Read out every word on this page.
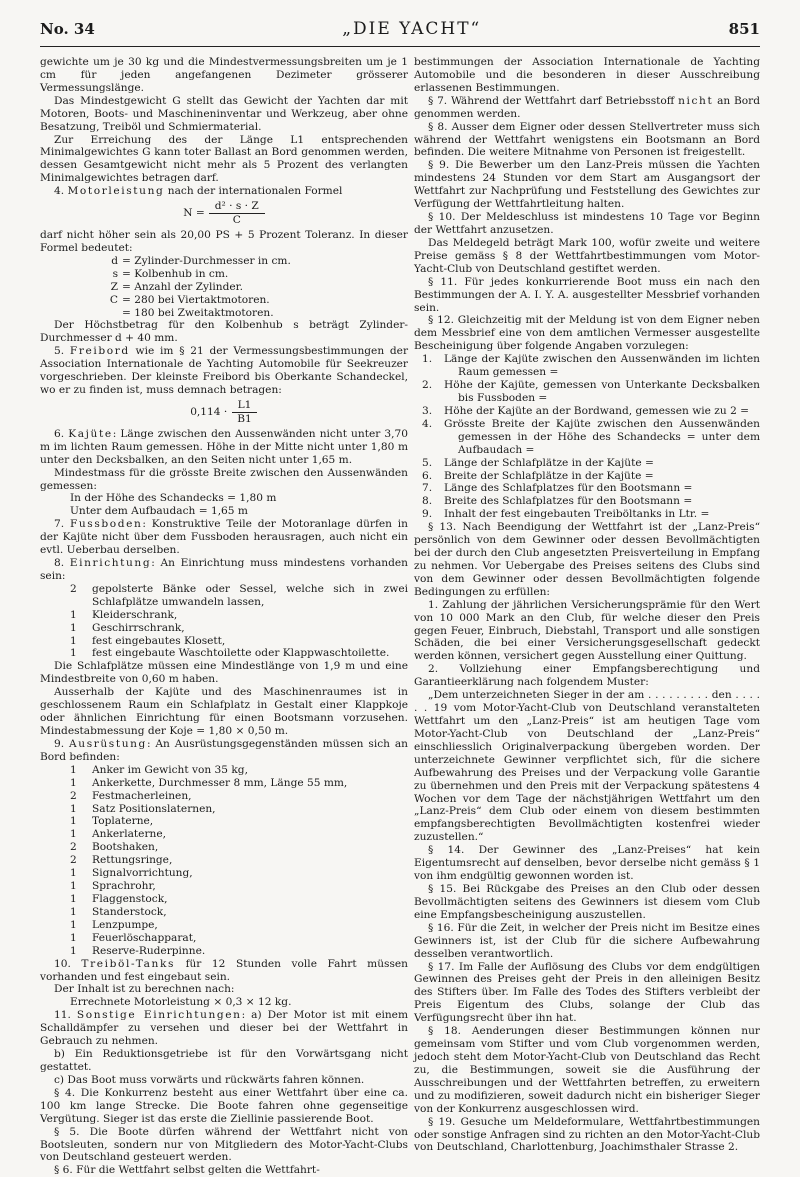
No. 34	„DIE YACHT“	851

gewichte um je 30 kg und die Mindestvermessungsbreiten um je 1 cm für jeden angefangenen Dezimeter grösserer Vermessungslänge.

Das Mindestgewicht G stellt das Gewicht der Yachten dar mit Motoren, Boots- und Maschineninventar und Werkzeug, aber ohne Besatzung, Treiböl und Schmiermaterial.

Zur Erreichung des der Länge L1 entsprechenden Minimalgewichtes G kann toter Ballast an Bord genommen werden, dessen Gesamtgewicht nicht mehr als 5 Prozent des verlangten Minimalgewichtes betragen darf.

4. Motorleistung nach der internationalen Formel

$N = \frac{\text{d² · s · Z}}{C}$

darf nicht höher sein als 20,00 PS + 5 Prozent Toleranz. In dieser Formel bedeutet:

d = Zylinder-Durchmesser in cm.
s = Kolbenhub in cm.
Z = Anzahl der Zylinder.
C = 280 bei Viertaktmotoren.
= 180 bei Zweitaktmotoren.

Der Höchstbetrag für den Kolbenhub s beträgt Zylinder-Durchmesser d + 40 mm.

5. Freibord wie im § 21 der Vermessungsbestimmungen der Association Internationale de Yachting Automobile für Seekreuzer vorgeschrieben. Der kleinste Freibord bis Oberkante Schandeckel, wo er zu finden ist, muss demnach betragen:

$0,114 \cdot \frac{L1}{B1}$

6. Kajüte: Länge zwischen den Aussenwänden nicht unter 3,70 m im lichten Raum gemessen. Höhe in der Mitte nicht unter 1,80 m unter den Decksbalken, an den Seiten nicht unter 1,65 m.

Mindestmass für die grösste Breite zwischen den Aussenwänden gemessen:

In der Höhe des Schandecks = 1,80 m

Unter dem Aufbaudach = 1,65 m

7. Fussboden: Konstruktive Teile der Motoranlage dürfen in der Kajüte nicht über dem Fussboden herausragen, auch nicht ein evtl. Ueberbau derselben.

8. Einrichtung: An Einrichtung muss mindestens vorhanden sein:

2	gepolsterte Bänke oder Sessel, welche sich in zwei Schlafplätze umwandeln lassen,
1	Kleiderschrank,
1	Geschirrschrank,
1	fest eingebautes Klosett,
1	fest eingebaute Waschtoilette oder Klappwaschtoilette.

Die Schlafplätze müssen eine Mindestlänge von 1,9 m und eine Mindestbreite von 0,60 m haben.

Ausserhalb der Kajüte und des Maschinenraumes ist in geschlossenem Raum ein Schlafplatz in Gestalt einer Klappkoje oder ähnlichen Einrichtung für einen Bootsmann vorzusehen. Mindestabmessung der Koje = 1,80 × 0,50 m.

9. Ausrüstung: An Ausrüstungsgegenständen müssen sich an Bord befinden:

1	Anker im Gewicht von 35 kg,
1	Ankerkette, Durchmesser 8 mm, Länge 55 mm,
2	Festmacherleinen,
1	Satz Positionslaternen,
1	Toplaterne,
1	Ankerlaterne,
2	Bootshaken,
2	Rettungsringe,
1	Signalvorrichtung,
1	Sprachrohr,
1	Flaggenstock,
1	Standerstock,
1	Lenzpumpe,
1	Feuerlöschapparat,
1	Reserve-Ruderpinne.

10. Treiböl-Tanks für 12 Stunden volle Fahrt müssen vorhanden und fest eingebaut sein.

Der Inhalt ist zu berechnen nach:

Errechnete Motorleistung × 0,3 × 12 kg.

11. Sonstige Einrichtungen: a) Der Motor ist mit einem Schalldämpfer zu versehen und dieser bei der Wettfahrt in Gebrauch zu nehmen.

b) Ein Reduktionsgetriebe ist für den Vorwärtsgang nicht gestattet.

c) Das Boot muss vorwärts und rückwärts fahren können.

§ 4. Die Konkurrenz besteht aus einer Wettfahrt über eine ca. 100 km lange Strecke. Die Boote fahren ohne gegenseitige Vergütung. Sieger ist das erste die Ziellinie passierende Boot.

§ 5. Die Boote dürfen während der Wettfahrt nicht von Bootsleuten, sondern nur von Mitgliedern des Motor-Yacht-Clubs von Deutschland gesteuert werden.

§ 6. Für die Wettfahrt selbst gelten die Wettfahrt-

bestimmungen der Association Internationale de Yachting Automobile und die besonderen in dieser Ausschreibung erlassenen Bestimmungen.

§ 7. Während der Wettfahrt darf Betriebsstoff nicht an Bord genommen werden.

§ 8. Ausser dem Eigner oder dessen Stellvertreter muss sich während der Wettfahrt wenigstens ein Bootsmann an Bord befinden. Die weitere Mitnahme von Personen ist freigestellt.

§ 9. Die Bewerber um den Lanz-Preis müssen die Yachten mindestens 24 Stunden vor dem Start am Ausgangsort der Wettfahrt zur Nachprüfung und Feststellung des Gewichtes zur Verfügung der Wettfahrtleitung halten.

§ 10. Der Meldeschluss ist mindestens 10 Tage vor Beginn der Wettfahrt anzusetzen.

Das Meldegeld beträgt Mark 100, wofür zweite und weitere Preise gemäss § 8 der Wettfahrtbestimmungen vom Motor-Yacht-Club von Deutschland gestiftet werden.

§ 11. Für jedes konkurrierende Boot muss ein nach den Bestimmungen der A. I. Y. A. ausgestellter Messbrief vorhanden sein.

§ 12. Gleichzeitig mit der Meldung ist von dem Eigner neben dem Messbrief eine von dem amtlichen Vermesser ausgestellte Bescheinigung über folgende Angaben vorzulegen:

1.	Länge der Kajüte zwischen den Aussenwänden im lichten Raum gemessen =
2.	Höhe der Kajüte, gemessen von Unterkante Decksbalken bis Fussboden =
3.	Höhe der Kajüte an der Bordwand, gemessen wie zu 2 =
4.	Grösste Breite der Kajüte zwischen den Aussenwänden gemessen in der Höhe des Schandecks = unter dem Aufbaudach =
5.	Länge der Schlafplätze in der Kajüte =
6.	Breite der Schlafplätze in der Kajüte =
7.	Länge des Schlafplatzes für den Bootsmann =
8.	Breite des Schlafplatzes für den Bootsmann =
9.	Inhalt der fest eingebauten Treiböltanks in Ltr. =

§ 13. Nach Beendigung der Wettfahrt ist der „Lanz-Preis“ persönlich von dem Gewinner oder dessen Bevollmächtigten bei der durch den Club angesetzten Preisverteilung in Empfang zu nehmen. Vor Uebergabe des Preises seitens des Clubs sind von dem Gewinner oder dessen Bevollmächtigten folgende Bedingungen zu erfüllen:

1. Zahlung der jährlichen Versicherungsprämie für den Wert von 10 000 Mark an den Club, für welche dieser den Preis gegen Feuer, Einbruch, Diebstahl, Transport und alle sonstigen Schäden, die bei einer Versicherungsgesellschaft gedeckt werden können, versichert gegen Ausstellung einer Quittung.

2. Vollziehung einer Empfangsberechtigung und Garantieerklärung nach folgendem Muster:

„Dem unterzeichneten Sieger in der am . . . . . . . . . den . . . . . . 19 vom Motor-Yacht-Club von Deutschland veranstalteten Wettfahrt um den „Lanz-Preis“ ist am heutigen Tage vom Motor-Yacht-Club von Deutschland der „Lanz-Preis“ einschliesslich Originalverpackung übergeben worden. Der unterzeichnete Gewinner verpflichtet sich, für die sichere Aufbewahrung des Preises und der Verpackung volle Garantie zu übernehmen und den Preis mit der Verpackung spätestens 4 Wochen vor dem Tage der nächstjährigen Wettfahrt um den „Lanz-Preis“ dem Club oder einem von diesem bestimmten empfangsberechtigten Bevollmächtigten kostenfrei wieder zuzustellen.“

§ 14. Der Gewinner des „Lanz-Preises“ hat kein Eigentumsrecht auf denselben, bevor derselbe nicht gemäss § 1 von ihm endgültig gewonnen worden ist.

§ 15. Bei Rückgabe des Preises an den Club oder dessen Bevollmächtigten seitens des Gewinners ist diesem vom Club eine Empfangsbescheinigung auszustellen.

§ 16. Für die Zeit, in welcher der Preis nicht im Besitze eines Gewinners ist, ist der Club für die sichere Aufbewahrung desselben verantwortlich.

§ 17. Im Falle der Auflösung des Clubs vor dem endgültigen Gewinnen des Preises geht der Preis in den alleinigen Besitz des Stifters über. Im Falle des Todes des Stifters verbleibt der Preis Eigentum des Clubs, solange der Club das Verfügungsrecht über ihn hat.

§ 18. Aenderungen dieser Bestimmungen können nur gemeinsam vom Stifter und vom Club vorgenommen werden, jedoch steht dem Motor-Yacht-Club von Deutschland das Recht zu, die Bestimmungen, soweit sie die Ausführung der Ausschreibungen und der Wettfahrten betreffen, zu erweitern und zu modifizieren, soweit dadurch nicht ein bisheriger Sieger von der Konkurrenz ausgeschlossen wird.

§ 19. Gesuche um Meldeformulare, Wettfahrtbestimmungen oder sonstige Anfragen sind zu richten an den Motor-Yacht-Club von Deutschland, Charlottenburg, Joachimsthaler Strasse 2.
